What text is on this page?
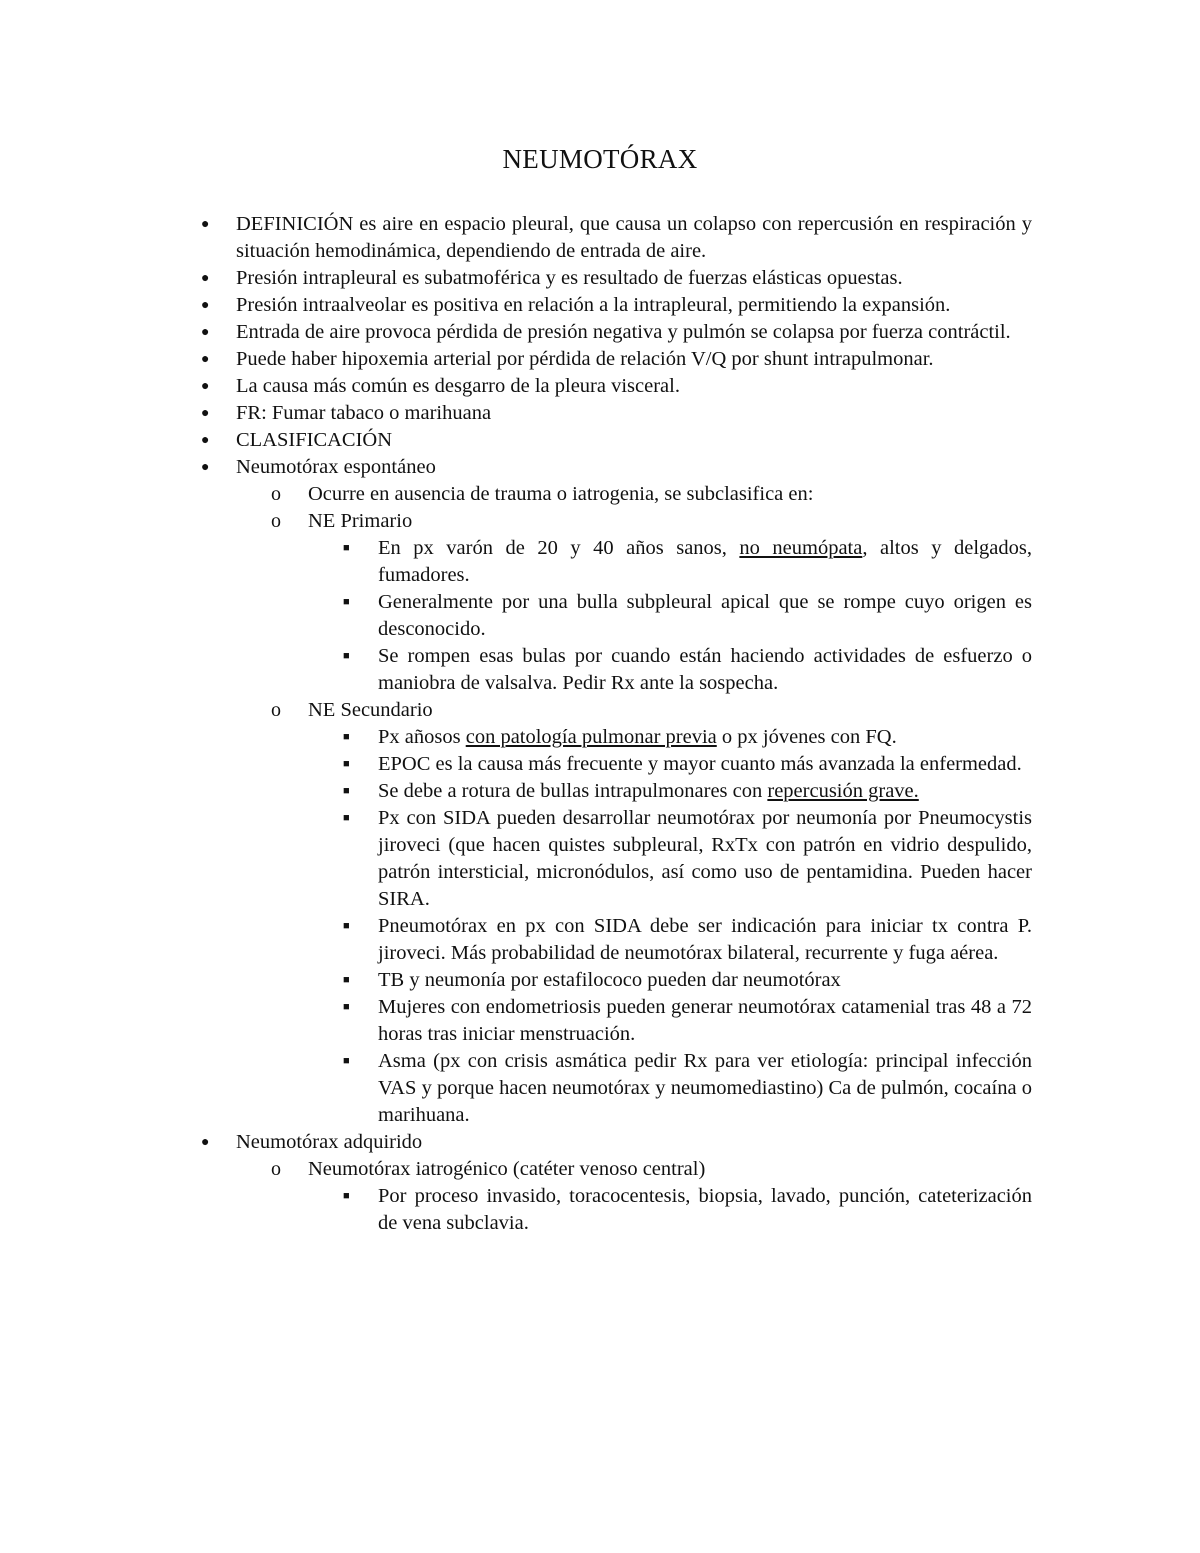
NEUMOTÓRAX
● DEFINICIÓN es aire en espacio pleural, que causa un colapso con repercusión en respiración y situación hemodinámica, dependiendo de entrada de aire.
● Presión intrapleural es subatmoférica y es resultado de fuerzas elásticas opuestas.
● Presión intraalveolar es positiva en relación a la intrapleural, permitiendo la expansión.
● Entrada de aire provoca pérdida de presión negativa y pulmón se colapsa por fuerza contráctil.
● Puede haber hipoxemia arterial por pérdida de relación V/Q por shunt intrapulmonar.
● La causa más común es desgarro de la pleura visceral.
● FR: Fumar tabaco o marihuana
● CLASIFICACIÓN
● Neumotórax espontáneo
o Ocurre en ausencia de trauma o iatrogenia, se subclasifica en:
o NE Primario
■ En px varón de 20 y 40 años sanos, no neumópata, altos y delgados, fumadores.
■ Generalmente por una bulla subpleural apical que se rompe cuyo origen es desconocido.
■ Se rompen esas bulas por cuando están haciendo actividades de esfuerzo o maniobra de valsalva. Pedir Rx ante la sospecha.
o NE Secundario
■ Px añosos con patología pulmonar previa o px jóvenes con FQ.
■ EPOC es la causa más frecuente y mayor cuanto más avanzada la enfermedad.
■ Se debe a rotura de bullas intrapulmonares con repercusión grave.
■ Px con SIDA pueden desarrollar neumotórax por neumonía por Pneumocystis jiroveci (que hacen quistes subpleural, RxTx con patrón en vidrio despulido, patrón intersticial, micronódulos, así como uso de pentamidina. Pueden hacer SIRA.
■ Pneumotórax en px con SIDA debe ser indicación para iniciar tx contra P. jiroveci. Más probabilidad de neumotórax bilateral, recurrente y fuga aérea.
■ TB y neumonía por estafilococo pueden dar neumotórax
■ Mujeres con endometriosis pueden generar neumotórax catamenial tras 48 a 72 horas tras iniciar menstruación.
■ Asma (px con crisis asmática pedir Rx para ver etiología: principal infección VAS y porque hacen neumotórax y neumomediastino) Ca de pulmón, cocaína o marihuana.
● Neumotórax adquirido
o Neumotórax iatrogénico (catéter venoso central)
■ Por proceso invasido, toracocentesis, biopsia, lavado, punción, cateterización de vena subclavia.
